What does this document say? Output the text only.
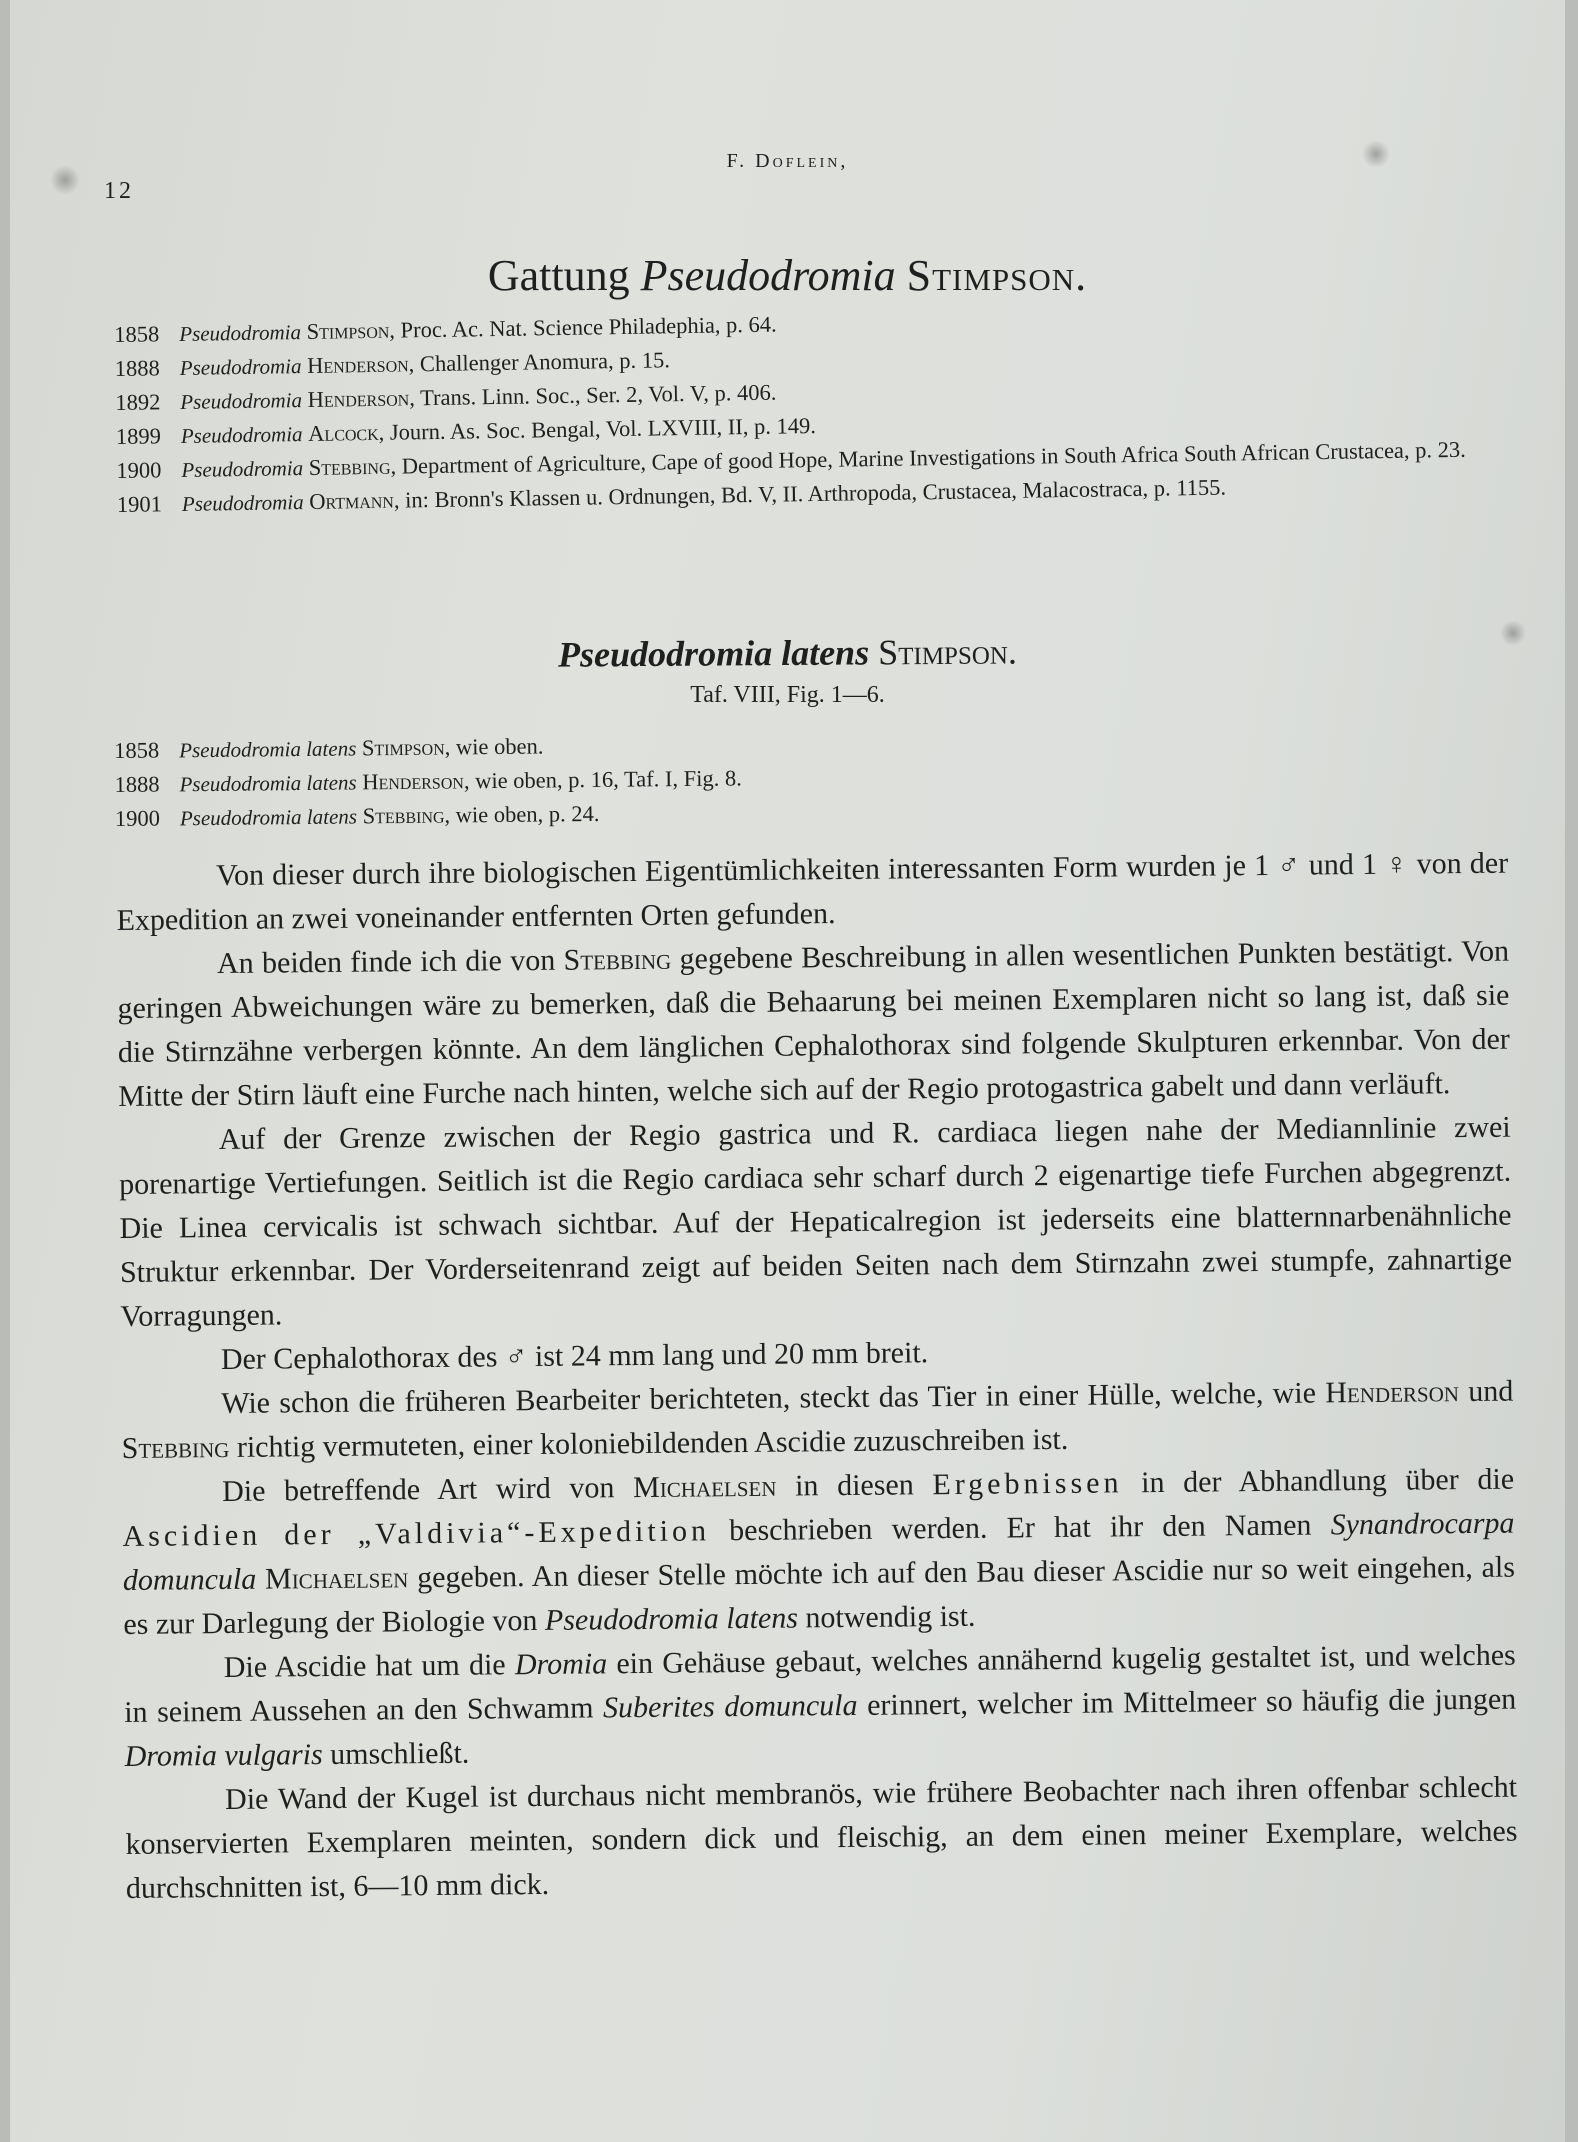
12
F. Doflein,
Gattung Pseudodromia Stimpson.
1858 Pseudodromia Stimpson, Proc. Ac. Nat. Science Philadephia, p. 64.
1888 Pseudodromia Henderson, Challenger Anomura, p. 15.
1892 Pseudodromia Henderson, Trans. Linn. Soc., Ser. 2, Vol. V, p. 406.
1899 Pseudodromia Alcock, Journ. As. Soc. Bengal, Vol. LXVIII, II, p. 149.
1900 Pseudodromia Stebbing, Department of Agriculture, Cape of good Hope, Marine Investigations in South Africa South African Crustacea, p. 23.
1901 Pseudodromia Ortmann, in: Bronn's Klassen u. Ordnungen, Bd. V, II. Arthropoda, Crustacea, Malacostraca, p. 1155.
Pseudodromia latens Stimpson.
Taf. VIII, Fig. 1—6.
1858 Pseudodromia latens Stimpson, wie oben.
1888 Pseudodromia latens Henderson, wie oben, p. 16, Taf. I, Fig. 8.
1900 Pseudodromia latens Stebbing, wie oben, p. 24.

Von dieser durch ihre biologischen Eigentümlichkeiten interessanten Form wurden je 1 ♂ und 1 ♀ von der Expedition an zwei voneinander entfernten Orten gefunden.

An beiden finde ich die von Stebbing gegebene Beschreibung in allen wesentlichen Punkten bestätigt. Von geringen Abweichungen wäre zu bemerken, daß die Behaarung bei meinen Exemplaren nicht so lang ist, daß sie die Stirnzähne verbergen könnte. An dem länglichen Cephalothorax sind folgende Skulpturen erkennbar. Von der Mitte der Stirn läuft eine Furche nach hinten, welche sich auf der Regio protogastrica gabelt und dann verläuft.

Auf der Grenze zwischen der Regio gastrica und R. cardiaca liegen nahe der Mediannlinie zwei porenartige Vertiefungen. Seitlich ist die Regio cardiaca sehr scharf durch 2 eigenartige tiefe Furchen abgegrenzt. Die Linea cervicalis ist schwach sichtbar. Auf der Hepaticalregion ist jederseits eine blatternnarbenähnliche Struktur erkennbar. Der Vorderseitenrand zeigt auf beiden Seiten nach dem Stirnzahn zwei stumpfe, zahnartige Vorragungen.

Der Cephalothorax des ♂ ist 24 mm lang und 20 mm breit.

Wie schon die früheren Bearbeiter berichteten, steckt das Tier in einer Hülle, welche, wie Henderson und Stebbing richtig vermuteten, einer koloniebildenden Ascidie zuzuschreiben ist.

Die betreffende Art wird von Michaelsen in diesen Ergebnissen in der Abhandlung über die Ascidien der „Valdivia“-Expedition beschrieben werden. Er hat ihr den Namen Synandrocarpa domuncula Michaelsen gegeben. An dieser Stelle möchte ich auf den Bau dieser Ascidie nur so weit eingehen, als es zur Darlegung der Biologie von Pseudodromia latens notwendig ist.

Die Ascidie hat um die Dromia ein Gehäuse gebaut, welches annähernd kugelig gestaltet ist, und welches in seinem Aussehen an den Schwamm Suberites domuncula erinnert, welcher im Mittelmeer so häufig die jungen Dromia vulgaris umschließt.

Die Wand der Kugel ist durchaus nicht membranös, wie frühere Beobachter nach ihren offenbar schlecht konservierten Exemplaren meinten, sondern dick und fleischig, an dem einen meiner Exemplare, welches durchschnitten ist, 6—10 mm dick.
